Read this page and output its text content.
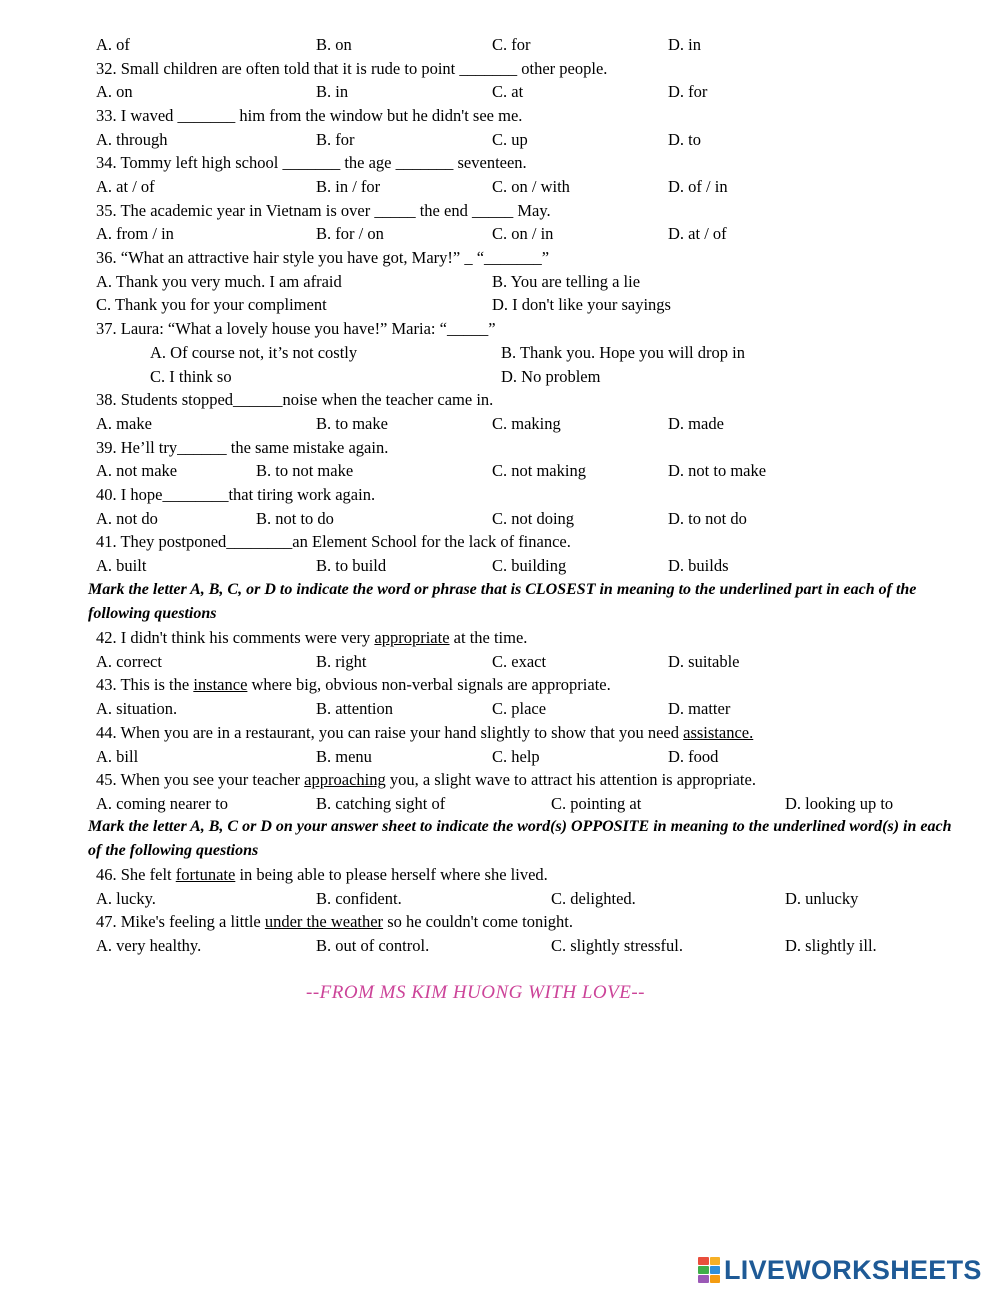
A. of	B. on	C. for	D. in
32. Small children are often told that it is rude to point _______ other people.
A. on	B. in	C. at	D. for
33. I waved _______ him from the window but he didn't see me.
A. through	B. for	C. up	D. to
34. Tommy left high school _______ the age _______ seventeen.
A. at / of	B. in / for	C. on / with	D. of / in
35. The academic year in Vietnam is over _____ the end _____ May.
A. from / in	B. for / on	C. on / in	D. at / of
36. “What an attractive hair style you have got, Mary!” _ “_______”
A. Thank you very much. I am afraid	B. You are telling a lie
C. Thank you for your compliment	D. I don't like your sayings
37. Laura: “What a lovely house you have!” Maria: “_____”
A. Of course not, it’s not costly	B. Thank you. Hope you will drop in
C. I think so	D. No problem
38. Students stopped______noise when the teacher came in.
A. make	B. to make	C. making	D. made
39. He’ll try______ the same mistake again.
A. not make	B. to not make	C. not making	D. not to make
40. I hope________that tiring work again.
A. not do	B. not to do	C. not doing	D. to not do
41. They postponed________an Element School for the lack of finance.
A. built	B. to build	C. building	D. builds
Mark the letter A, B, C, or D to indicate the word or phrase that is CLOSEST in meaning to the underlined part in each of the following questions
42. I didn't think his comments were very appropriate at the time.
A. correct	B. right	C. exact	D. suitable
43. This is the instance where big, obvious non-verbal signals are appropriate.
A. situation.	B. attention	C. place	D. matter
44. When you are in a restaurant, you can raise your hand slightly to show that you need assistance.
A. bill	B. menu	C. help	D. food
45. When you see your teacher approaching you, a slight wave to attract his attention is appropriate.
A. coming nearer to	B. catching sight of	C. pointing at	D. looking up to
Mark the letter A, B, C or D on your answer sheet to indicate the word(s) OPPOSITE in meaning to the underlined word(s) in each of the following questions
46. She felt fortunate in being able to please herself where she lived.
A. lucky.	B. confident.	C. delighted.	D. unlucky
47. Mike's feeling a little under the weather so he couldn't come tonight.
A. very healthy.	B. out of control.	C. slightly stressful.	D. slightly ill.
--FROM MS KIM HUONG WITH LOVE--
LIVEWORKSHEETS
